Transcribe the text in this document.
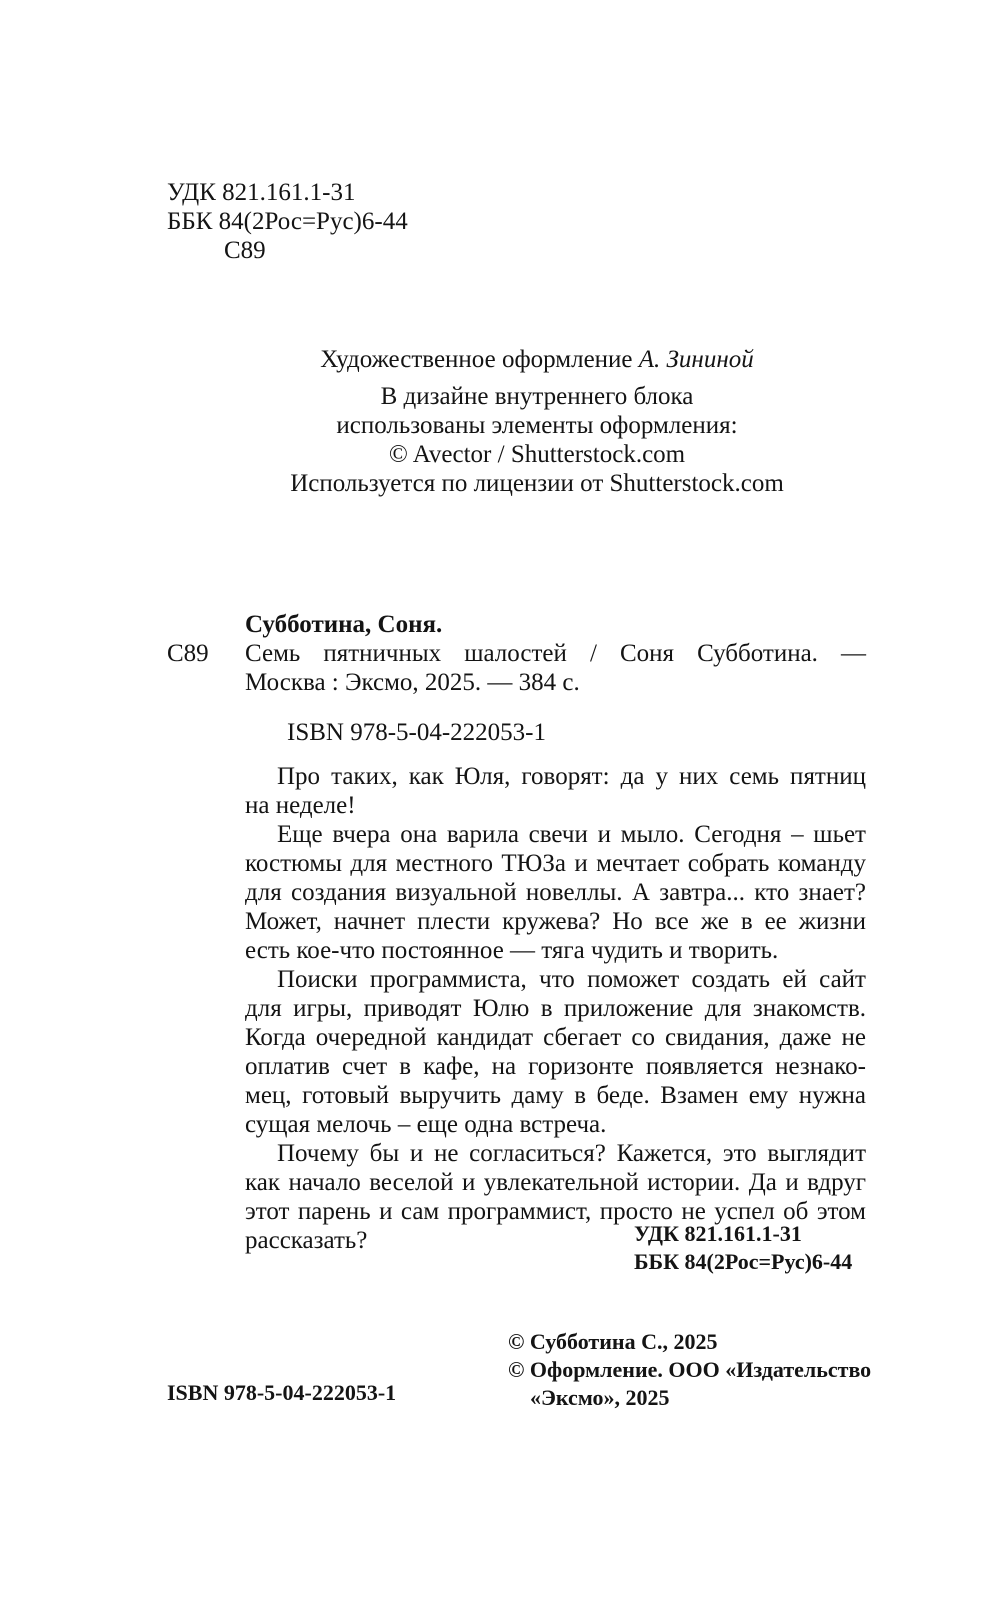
УДК 821.161.1-31
ББК 84(2Рос=Рус)6-44
С89
Художественное оформление А. Зининой
В дизайне внутреннего блока
использованы элементы оформления:
© Avector / Shutterstock.com
Используется по лицензии от Shutterstock.com
Субботина, Соня.
С89 Семь пятничных шалостей / Соня Субботина. —
Москва : Эксмо, 2025. — 384 с.
ISBN 978-5-04-222053-1
Про таких, как Юля, говорят: да у них семь пятниц
на неделе!
Еще вчера она варила свечи и мыло. Сегодня – шьет
костюмы для местного ТЮЗа и мечтает собрать команду
для создания визуальной новеллы. А завтра... кто знает?
Может, начнет плести кружева? Но все же в ее жизни
есть кое-что постоянное — тяга чудить и творить.
Поиски программиста, что поможет создать ей сайт
для игры, приводят Юлю в приложение для знакомств.
Когда очередной кандидат сбегает со свидания, даже не
оплатив счет в кафе, на горизонте появляется незнако-
мец, готовый выручить даму в беде. Взамен ему нужна
сущая мелочь – еще одна встреча.
Почему бы и не согласиться? Кажется, это выглядит
как начало веселой и увлекательной истории. Да и вдруг
этот парень и сам программист, просто не успел об этом
рассказать?	УДК 821.161.1-31
ББК 84(2Рос=Рус)6-44
© Субботина С., 2025
© Оформление. ООО «Издательство
«Эксмо», 2025
ISBN 978-5-04-222053-1
